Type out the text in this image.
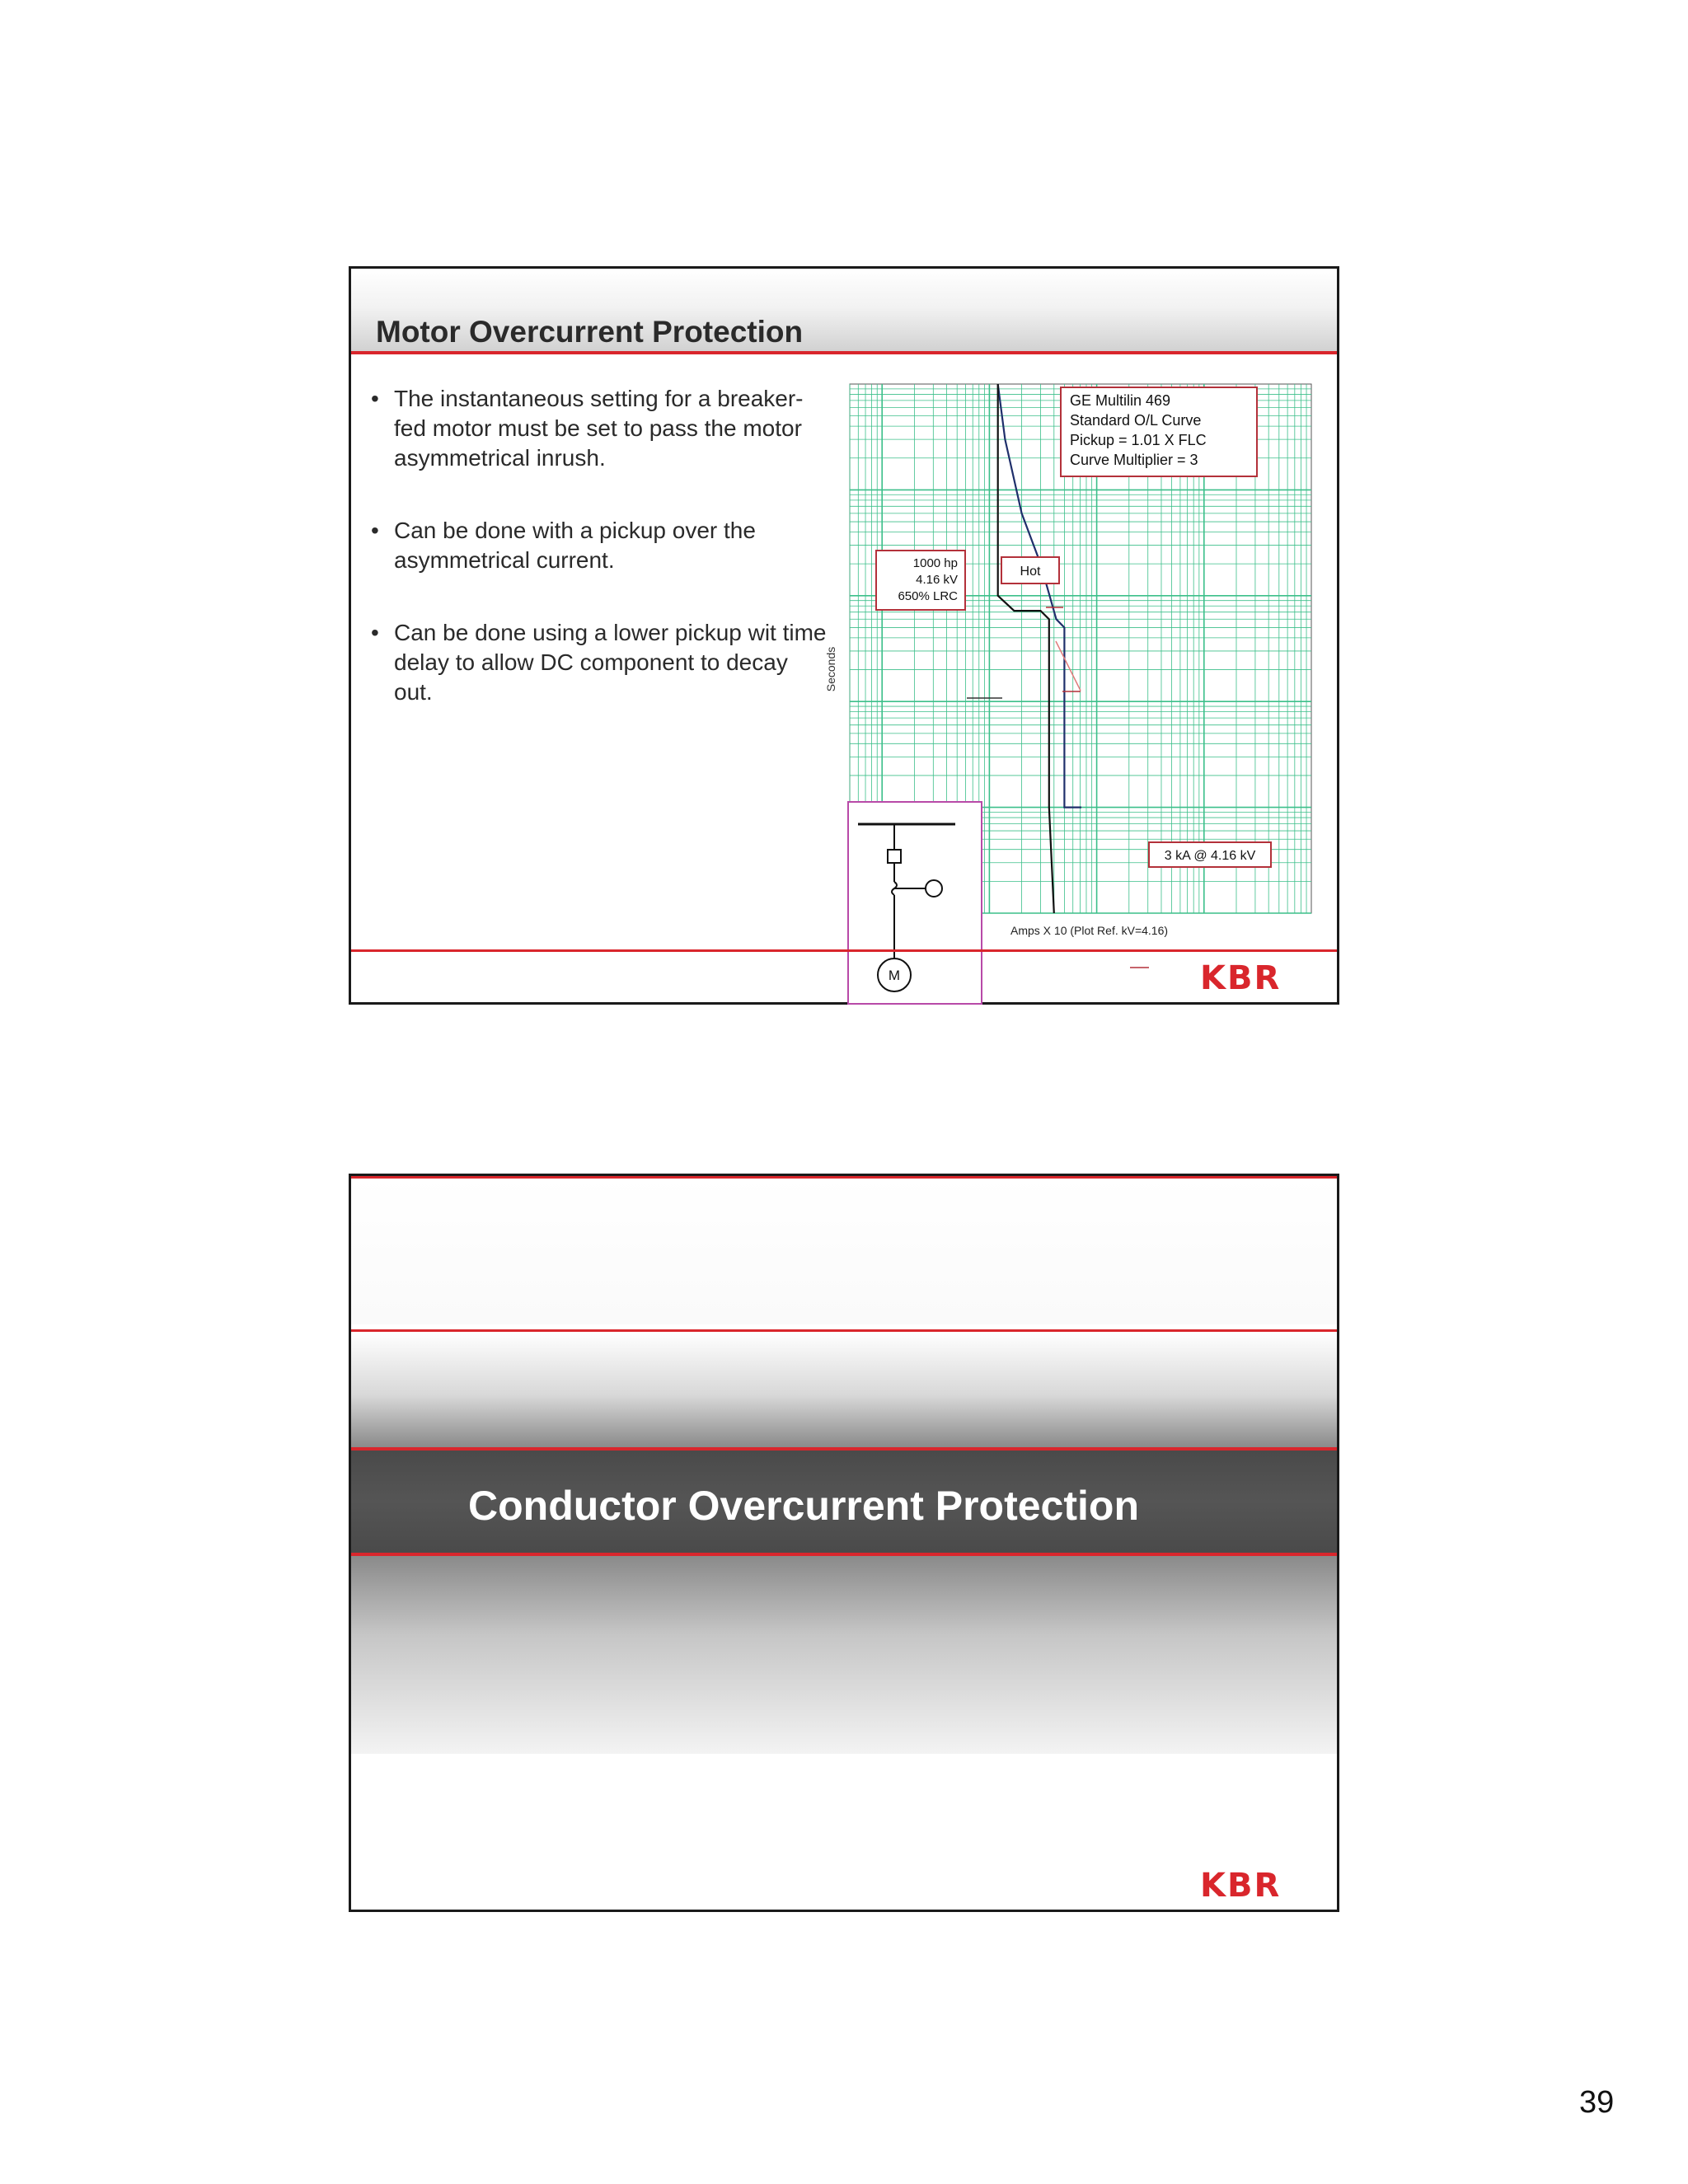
Motor Overcurrent Protection
• The instantaneous setting for a breaker-fed motor must be set to pass the motor asymmetrical inrush.
• Can be done with a pickup over the asymmetrical current.
• Can be done using a lower pickup wit time delay to allow DC component to decay out.
Seconds
M
GE Multilin 469
Standard O/L Curve
Pickup = 1.01 X FLC
Curve Multiplier = 3
1000 hp
4.16 kV
650% LRC
Hot
3 kA @ 4.16 kV
Amps X 10 (Plot Ref. kV=4.16)
KBR
Conductor Overcurrent Protection
KBR
39
